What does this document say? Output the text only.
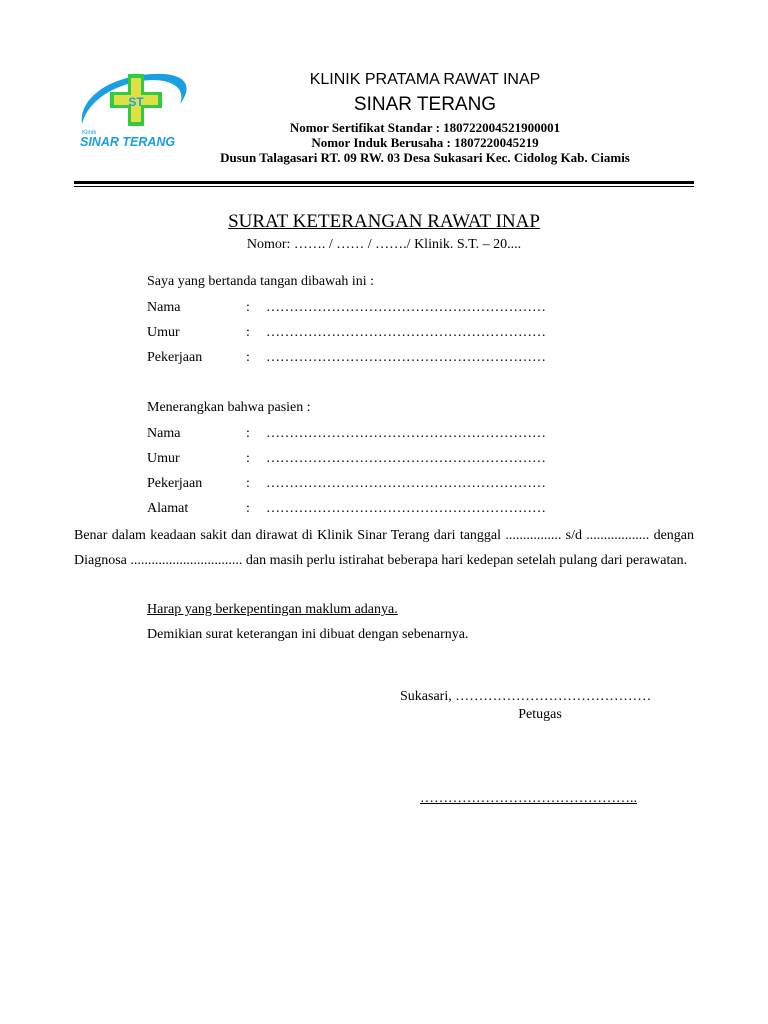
ST
Klinik
SINAR TERANG
KLINIK PRATAMA RAWAT INAP
SINAR TERANG
Nomor Sertifikat Standar : 180722004521900001
Nomor Induk Berusaha : 1807220045219
Dusun Talagasari RT. 09 RW. 03 Desa Sukasari Kec. Cidolog Kab. Ciamis
SURAT KETERANGAN RAWAT INAP
Nomor: ……. / …… / ……./ Klinik. S.T. – 20....
Saya yang bertanda tangan dibawah ini :
Nama	: ……………………………………………………
Umur	: ……………………………………………………
Pekerjaan	: ……………………………………………………
Menerangkan bahwa pasien :
Nama	: ……………………………………………………
Umur	: ……………………………………………………
Pekerjaan	: ……………………………………………………
Alamat	: ……………………………………………………
Benar dalam keadaan sakit dan dirawat di Klinik Sinar Terang dari tanggal ................ s/d .................. dengan Diagnosa ................................ dan masih perlu istirahat beberapa hari kedepan setelah pulang dari perawatan.
Harap yang berkepentingan maklum adanya.
Demikian surat keterangan ini dibuat dengan sebenarnya.
Sukasari, ……………………………………
Petugas
………………………………………..
